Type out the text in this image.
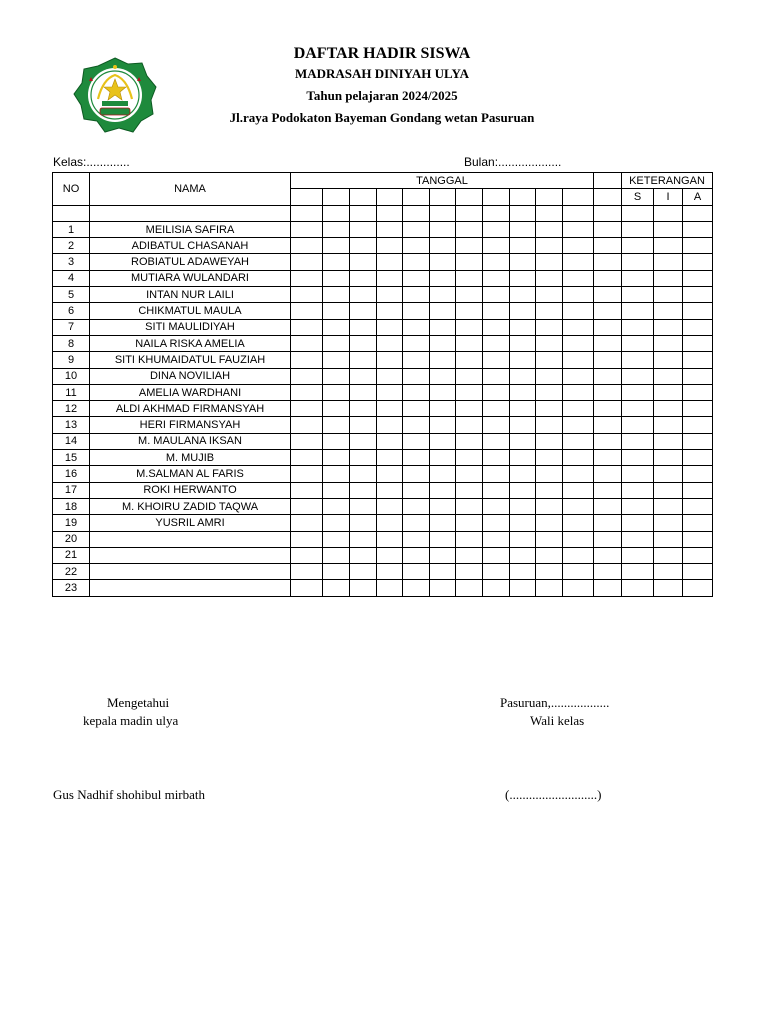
DAFTAR HADIR SISWA
MADRASAH DINIYAH ULYA
Tahun pelajaran 2024/2025
Jl.raya Podokaton Bayeman Gondang wetan Pasuruan
Kelas:.............	Bulan:...................
NO	NAMA	TANGGAL												KETERANGAN		
														S	I	A

1	MEILISIA SAFIRA															
2	ADIBATUL CHASANAH															
3	ROBIATUL ADAWEYAH															
4	MUTIARA WULANDARI															
5	INTAN NUR LAILI															
6	CHIKMATUL MAULA															
7	SITI MAULIDIYAH															
8	NAILA RISKA AMELIA															
9	SITI KHUMAIDATUL FAUZIAH															
10	DINA NOVILIAH															
11	AMELIA WARDHANI															
12	ALDI AKHMAD FIRMANSYAH															
13	HERI FIRMANSYAH															
14	M. MAULANA IKSAN															
15	M. MUJIB															
16	M.SALMAN AL FARIS															
17	ROKI HERWANTO															
18	M. KHOIRU ZADID TAQWA															
19	YUSRIL AMRI															
20																
21																
22																
23																
Mengetahui
kepala madin ulya
Pasuruan,..................
Wali kelas
Gus Nadhif shohibul mirbath	(...........................)
